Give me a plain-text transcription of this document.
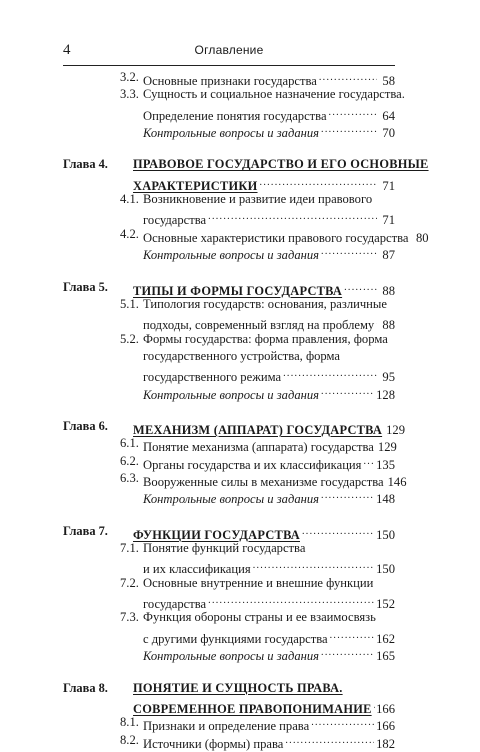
4	Оглавление
3.2. Основные признаки государства . . .	58
3.3. Сущность и социальное назначение государства.
Определение понятия государства . . .	64
Контрольные вопросы и задания . . .	70
Глава 4. ПРАВОВОЕ ГОСУДАРСТВО И ЕГО ОСНОВНЫЕ
ХАРАКТЕРИСТИКИ . . .	71
4.1. Возникновение и развитие идеи правового
государства . . .	71
4.2. Основные характеристики правового государства 80
Контрольные вопросы и задания . . .	87
Глава 5. ТИПЫ И ФОРМЫ ГОСУДАРСТВА . . .	88
5.1. Типология государств: основания, различные
подходы, современный взгляд на проблему . . . 88
5.2. Формы государства: форма правления, форма
государственного устройства, форма
государственного режима . . .	95
Контрольные вопросы и задания . . .	128
Глава 6. МЕХАНИЗМ (АППАРАТ) ГОСУДАРСТВА 129
6.1. Понятие механизма (аппарата) государства 129
6.2. Органы государства и их классификация . . . 135
6.3. Вооруженные силы в механизме государства 146
Контрольные вопросы и задания . . .	148
Глава 7. ФУНКЦИИ ГОСУДАРСТВА . . .	150
7.1. Понятие функций государства
и их классификация . . .	150
7.2. Основные внутренние и внешние функции
государства . . .	152
7.3. Функция обороны страны и ее взаимосвязь
с другими функциями государства . . .	162
Контрольные вопросы и задания . . .	165
Глава 8. ПОНЯТИЕ И СУЩНОСТЬ ПРАВА.
СОВРЕМЕННОЕ ПРАВОПОНИМАНИЕ . . . 166
8.1. Признаки и определение права . . .	166
8.2. Источники (формы) права . . .	182
